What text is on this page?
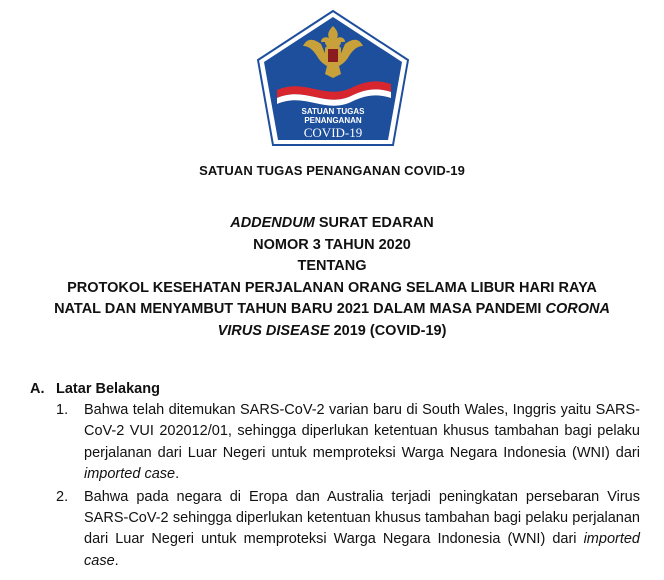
SATUAN TUGAS
PENANGANAN
COVID-19
SATUAN TUGAS PENANGANAN COVID-19
ADDENDUM SURAT EDARAN
NOMOR 3 TAHUN 2020
TENTANG
PROTOKOL KESEHATAN PERJALANAN ORANG SELAMA LIBUR HARI RAYA
NATAL DAN MENYAMBUT TAHUN BARU 2021 DALAM MASA PANDEMI CORONA
VIRUS DISEASE 2019 (COVID-19)
A. Latar Belakang
1. Bahwa telah ditemukan SARS-CoV-2 varian baru di South Wales, Inggris yaitu SARS-CoV-2 VUI 202012/01, sehingga diperlukan ketentuan khusus tambahan bagi pelaku perjalanan dari Luar Negeri untuk memproteksi Warga Negara Indonesia (WNI) dari imported case.
2. Bahwa pada negara di Eropa dan Australia terjadi peningkatan persebaran Virus SARS-CoV-2 sehingga diperlukan ketentuan khusus tambahan bagi pelaku perjalanan dari Luar Negeri untuk memproteksi Warga Negara Indonesia (WNI) dari imported case.
